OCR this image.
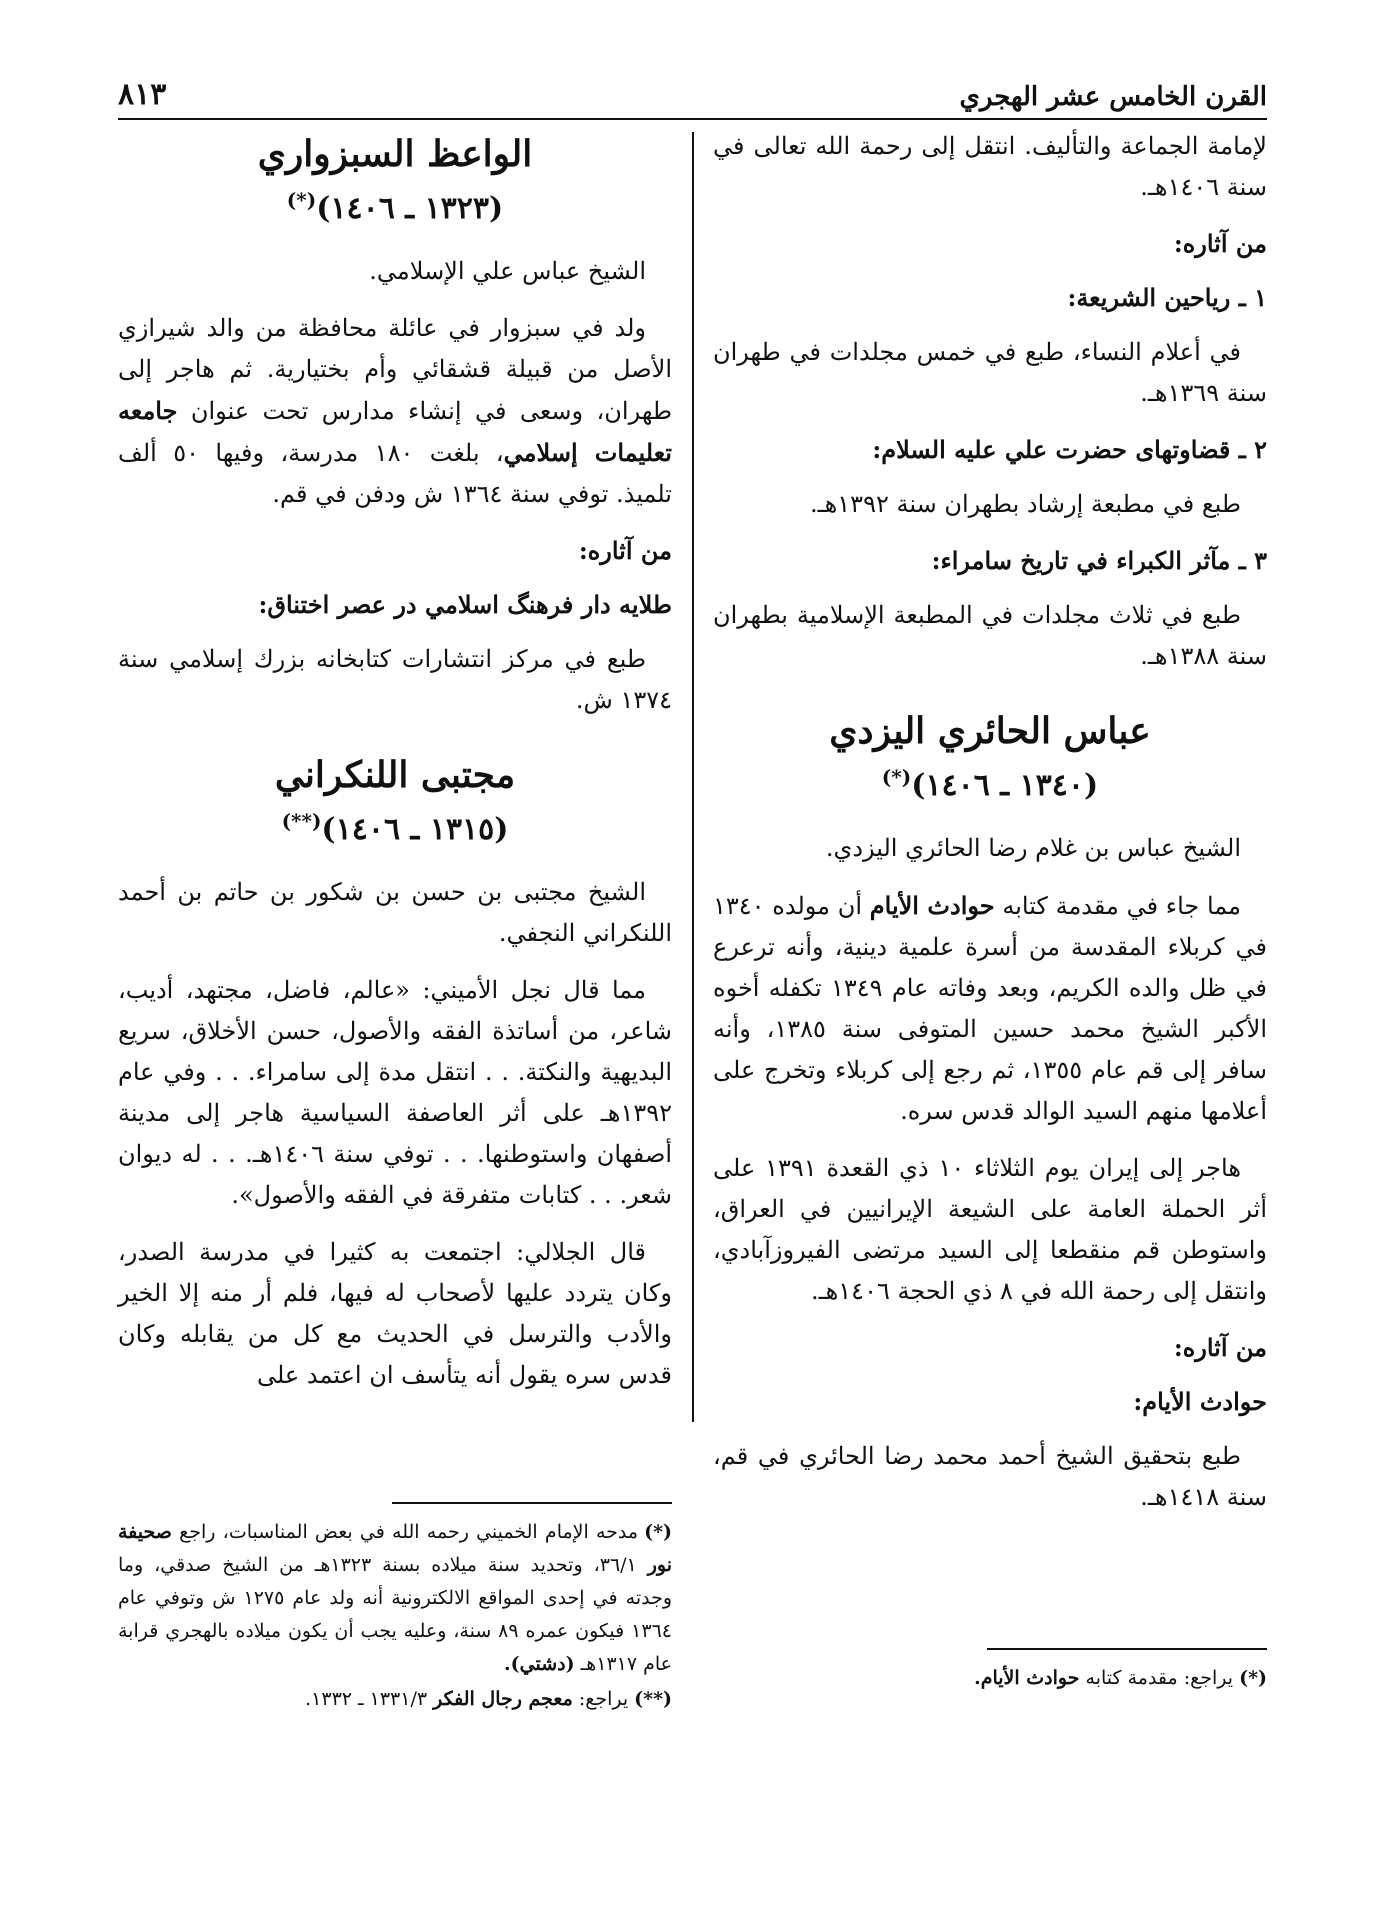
القرن الخامس عشر الهجري
٨١٣

لإمامة الجماعة والتأليف. انتقل إلى رحمة الله تعالى في سنة ١٤٠٦هـ.

من آثاره:
١ ـ رياحين الشريعة:

في أعلام النساء، طبع في خمس مجلدات في طهران سنة ١٣٦٩هـ.

٢ ـ قضاوتهای حضرت علي عليه السلام:

طبع في مطبعة إرشاد بطهران سنة ١٣٩٢هـ.

٣ ـ مآثر الكبراء في تاريخ سامراء:

طبع في ثلاث مجلدات في المطبعة الإسلامية بطهران سنة ١٣٨٨هـ.

عباس الحائري اليزدي
(١٣٤٠ ـ ١٤٠٦)(*)

الشيخ عباس بن غلام رضا الحائري اليزدي.

مما جاء في مقدمة كتابه حوادث الأيام أن مولده ١٣٤٠ في كربلاء المقدسة من أسرة علمية دينية، وأنه ترعرع في ظل والده الكريم، وبعد وفاته عام ١٣٤٩ تكفله أخوه الأكبر الشيخ محمد حسين المتوفى سنة ١٣٨٥، وأنه سافر إلى قم عام ١٣٥٥، ثم رجع إلى كربلاء وتخرج على أعلامها منهم السيد الوالد قدس سره.

هاجر إلى إيران يوم الثلاثاء ١٠ ذي القعدة ١٣٩١ على أثر الحملة العامة على الشيعة الإيرانيين في العراق، واستوطن قم منقطعا إلى السيد مرتضى الفيروزآبادي، وانتقل إلى رحمة الله في ٨ ذي الحجة ١٤٠٦هـ.

من آثاره:
حوادث الأيام:

طبع بتحقيق الشيخ أحمد محمد رضا الحائري في قم، سنة ١٤١٨هـ.

(*)يراجع: مقدمة كتابه حوادث الأيام.

الواعظ السبزواري
(١٣٢٣ ـ ١٤٠٦)(*)

الشيخ عباس علي الإسلامي.

ولد في سبزوار في عائلة محافظة من والد شيرازي الأصل من قبيلة قشقائي وأم بختيارية. ثم هاجر إلى طهران، وسعى في إنشاء مدارس تحت عنوان جامعه تعليمات إسلامي، بلغت ١٨٠ مدرسة، وفيها ٥٠ ألف تلميذ. توفي سنة ١٣٦٤ ش ودفن في قم.

من آثاره:
طلايه دار فرهنگ اسلامي در عصر اختناق:

طبع في مركز انتشارات كتابخانه بزرك إسلامي سنة ١٣٧٤ ش.

مجتبى اللنكراني
(١٣١٥ ـ ١٤٠٦)(**)

الشيخ مجتبى بن حسن بن شكور بن حاتم بن أحمد اللنكراني النجفي.

مما قال نجل الأميني: «عالم، فاضل، مجتهد، أديب، شاعر، من أساتذة الفقه والأصول، حسن الأخلاق، سريع البديهية والنكتة. . . انتقل مدة إلى سامراء. . . وفي عام ١٣٩٢هـ على أثر العاصفة السياسية هاجر إلى مدينة أصفهان واستوطنها. . . توفي سنة ١٤٠٦هـ. . . له ديوان شعر. . . كتابات متفرقة في الفقه والأصول».

قال الجلالي: اجتمعت به كثيرا في مدرسة الصدر، وكان يتردد عليها لأصحاب له فيها، فلم أر منه إلا الخير والأدب والترسل في الحديث مع كل من يقابله وكان قدس سره يقول أنه يتأسف ان اعتمد على

(*)مدحه الإمام الخميني رحمه الله في بعض المناسبات، راجع صحيفة نور ٣٦/١، وتحديد سنة ميلاده بسنة ١٣٢٣هـ من الشيخ صدقي، وما وجدته في إحدى المواقع الالكترونية أنه ولد عام ١٢٧٥ ش وتوفي عام ١٣٦٤ فيكون عمره ٨٩ سنة، وعليه يجب أن يكون ميلاده بالهجري قرابة عام ١٣١٧هـ (دشتي).

(**)يراجع: معجم رجال الفكر ١٣٣١/٣ ـ ١٣٣٢.
